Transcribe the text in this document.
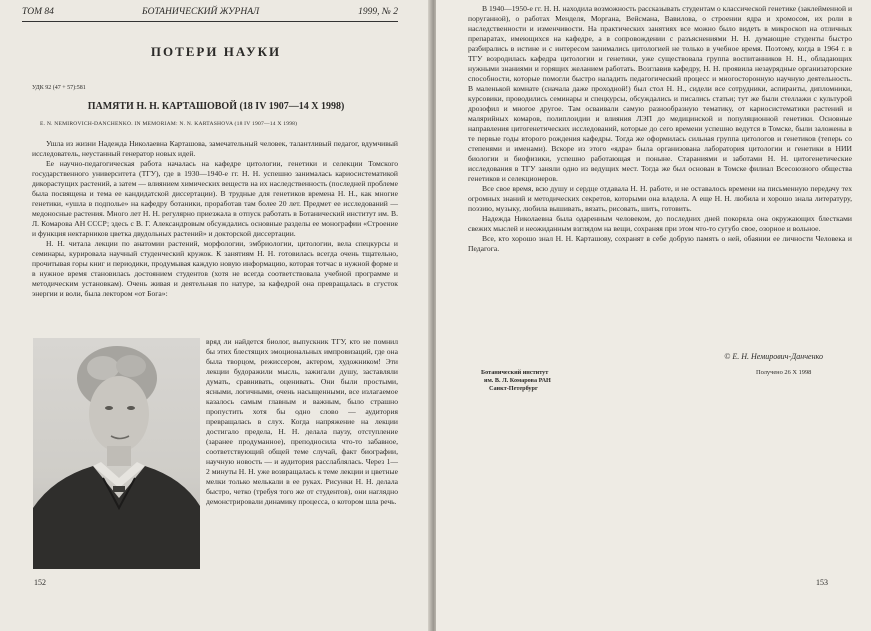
ТОМ 84	БОТАНИЧЕСКИЙ ЖУРНАЛ	1999, № 2
ПОТЕРИ НАУКИ
УДК 92 (47 + 57):581
ПАМЯТИ Н. Н. КАРТАШОВОЙ (18 IV 1907—14 X 1998)
E. N. NEMIROVICH-DANCHENKO. IN MEMORIAM: N. N. KARTASHOVA (18 IV 1907—14 X 1998)

Ушла из жизни Надежда Николаевна Карташова, замечательный человек, талантливый педагог, вдумчивый исследователь, неустанный генератор новых идей.

Ее научно-педагогическая работа началась на кафедре цитологии, генетики и селекции Томского государственного университета (ТГУ), где в 1930—1940-е гг. Н. Н. успешно занималась кариосистематикой дикорастущих растений, а затем — влиянием химических веществ на их наследственность (последней проблеме была посвящена и тема ее кандидатской диссертации). В трудные для генетиков времена Н. Н., как многие генетики, «ушла в подполье» на кафедру ботаники, проработав там более 20 лет. Предмет ее исследований — медоносные растения. Много лет Н. Н. регулярно приезжала в отпуск работать в Ботанический институт им. В. Л. Комарова АН СССР; здесь с В. Г. Александровым обсуждались основные разделы ее монографии «Строение и функция нектарников цветка двудольных растений» и докторской диссертации.

Н. Н. читала лекции по анатомии растений, морфологии, эмбриологии, цитологии, вела спецкурсы и семинары, курировала научный студенческий кружок. К занятиям Н. Н. готовилась всегда очень тщательно, прочитывая горы книг и периодики, продумывая каждую новую информацию, которая тотчас в нужной форме и в нужное время становилась достоянием студентов (хотя не всегда соответствовала учебной программе и методическим установкам). Очень живая и деятельная по натуре, за кафедрой она превращалась в сгусток энергии и воли, была лектором «от Бога»:

вряд ли найдется биолог, выпускник ТГУ, кто не помнил бы этих блестящих эмоциональных импровизаций, где она была творцом, режиссером, актером, художником! Эти лекции будоражили мысль, зажигали душу, заставляли думать, сравнивать, оценивать. Они были простыми, ясными, логичными, очень насыщенными, все излагаемое казалось самым главным и важным, было страшно пропустить хотя бы одно слово — аудитория превращалась в слух. Когда напряжение на лекции достигало предела, Н. Н. делала паузу, отступление (заранее продуманное), преподносила что-то забавное, соответствующий общей теме случай, факт биографии, научную новость — и аудитория расслаблялась. Через 1—2 минуты Н. Н. уже возвращалась к теме лекции и цветные мелки только мелькали в ее руках. Рисунки Н. Н. делала быстро, четко (требуя того же от студентов), они наглядно демонстрировали динамику процесса, о котором шла речь.
152

В 1940—1950-е гг. Н. Н. находила возможность рассказывать студентам о классической генетике (заклейменной и поруганной), о работах Менделя, Моргана, Вейсмана, Вавилова, о строении ядра и хромосом, их роли в наследственности и изменчивости. На практических занятиях все можно было видеть в микроскоп на отличных препаратах, имеющихся на кафедре, а в сопровождении с разъяснениями Н. Н. думающие студенты быстро разбирались в истине и с интересом занимались цитологией не только в учебное время. Поэтому, когда в 1964 г. в ТГУ возродилась кафедра цитологии и генетики, уже существовала группа воспитанников Н. Н., обладающих нужными знаниями и горящих желанием работать. Возглавив кафедру, Н. Н. проявила незаурядные организаторские способности, которые помогли быстро наладить педагогический процесс и многосторонную научную деятельность. В маленькой комнате (сначала даже проходной!) был стол Н. Н., сидели все сотрудники, аспиранты, дипломники, курсовики, проводились семинары и спецкурсы, обсуждались и писались статьи; тут же были стеллажи с культурой дрозофил и многое другое. Там осваивали самую разнообразную тематику, от кариосистематики растений и малярийных комаров, полиплоидии и влияния ЛЭП до медицинской и популяционной генетики. Основные направления цитогенетических исследований, которые до сего времени успешно ведутся в Томске, были заложены в те первые годы второго рождения кафедры. Тогда же оформилась сильная группа цитологов и генетиков (теперь со степенями и именами). Вскоре из этого «ядра» была организована лаборатория цитологии и генетики в НИИ биологии и биофизики, успешно работающая и поныне. Стараниями и заботами Н. Н. цитогенетические исследования в ТГУ заняли одно из ведущих мест. Тогда же был основан в Томске филиал Всесоюзного общества генетиков и селекционеров.

Все свое время, всю душу и сердце отдавала Н. Н. работе, и не оставалось времени на письменную передачу тех огромных знаний и методических секретов, которыми она владела. А еще Н. Н. любила и хорошо знала литературу, поэзию, музыку, любила вышивать, вязать, рисовать, шить, готовить.

Надежда Николаевна была одаренным человеком, до последних дней покоряла она окружающих блестками свежих мыслей и неожиданным взглядом на вещи, сохраняя при этом что-то сугубо свое, озорное и вольное.

Все, кто хорошо знал Н. Н. Карташову, сохранят в себе добрую память о ней, обаянии ее личности Человека и Педагога.

© Е. Н. Немирович-Данченко
Ботанический институт
им. В. Л. Комарова РАН
Санкт-Петербург
Получено 26 X 1998
153
